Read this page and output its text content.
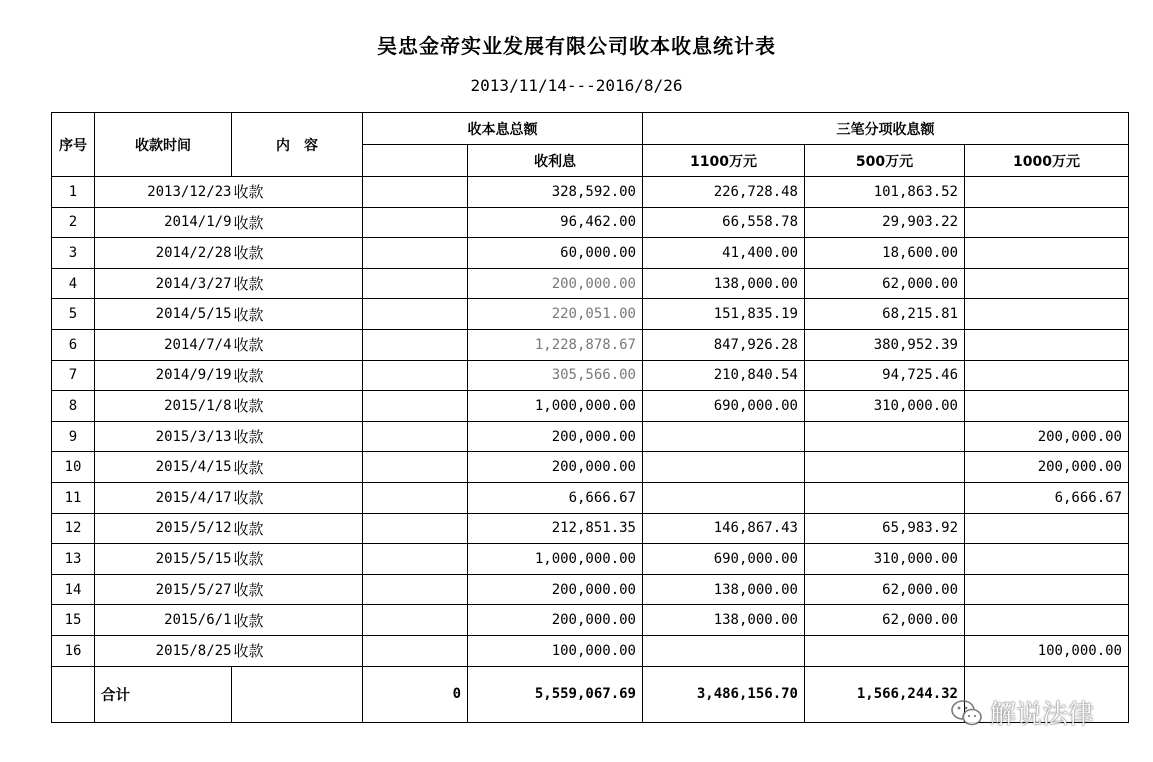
吴忠金帝实业发展有限公司收本收息统计表
2013/11/14---2016/8/26
序号	收款时间	内　容	收本息总额		三笔分项收息额		
				收利息	1100万元	500万元	1000万元
1	2013/12/23	收款		328,592.00	226,728.48	101,863.52	
2	2014/1/9	收款		96,462.00	66,558.78	29,903.22	
3	2014/2/28	收款		60,000.00	41,400.00	18,600.00	
4	2014/3/27	收款		200,000.00	138,000.00	62,000.00	
5	2014/5/15	收款		220,051.00	151,835.19	68,215.81	
6	2014/7/4	收款		1,228,878.67	847,926.28	380,952.39	
7	2014/9/19	收款		305,566.00	210,840.54	94,725.46	
8	2015/1/8	收款		1,000,000.00	690,000.00	310,000.00	
9	2015/3/13	收款		200,000.00			200,000.00
10	2015/4/15	收款		200,000.00			200,000.00
11	2015/4/17	收款		6,666.67			6,666.67
12	2015/5/12	收款		212,851.35	146,867.43	65,983.92	
13	2015/5/15	收款		1,000,000.00	690,000.00	310,000.00	
14	2015/5/27	收款		200,000.00	138,000.00	62,000.00	
15	2015/6/1	收款		200,000.00	138,000.00	62,000.00	
16	2015/8/25	收款		100,000.00			100,000.00
	合计		0	5,559,067.69	3,486,156.70	1,566,244.32	
解说法律
